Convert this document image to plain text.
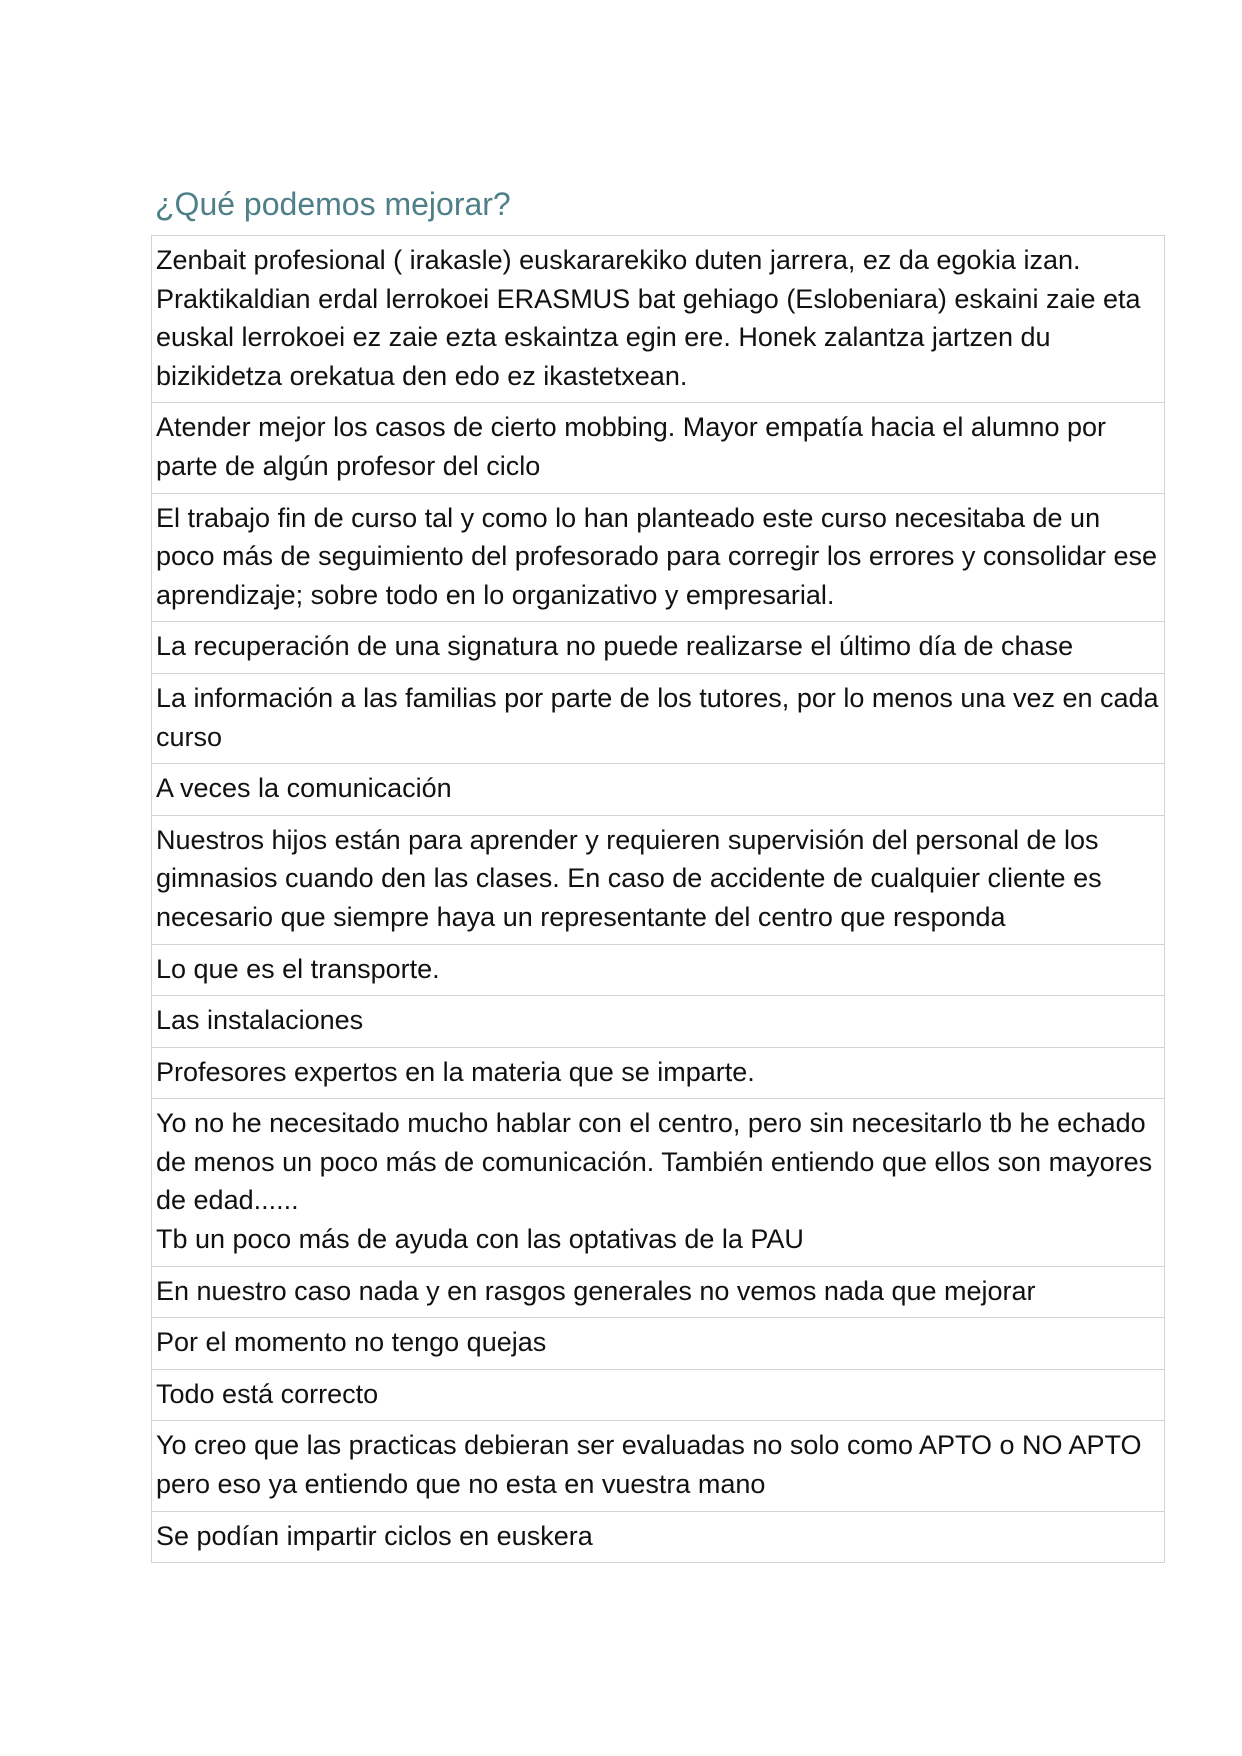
¿Qué podemos mejorar?
Zenbait profesional ( irakasle) euskararekiko duten jarrera, ez da egokia izan.
Praktikaldian erdal lerrokoei ERASMUS bat gehiago (Eslobeniara) eskaini zaie eta euskal lerrokoei ez zaie ezta eskaintza egin ere. Honek zalantza jartzen du bizikidetza orekatua den edo ez ikastetxean.
Atender mejor los casos de cierto mobbing. Mayor empatía hacia el alumno por parte de algún profesor del ciclo
El trabajo fin de curso tal y como lo han planteado este curso necesitaba de un poco más de seguimiento del profesorado para corregir los errores y consolidar ese aprendizaje; sobre todo en lo organizativo y empresarial.
La recuperación de una signatura no puede realizarse el último día de chase
La información a las familias por parte de los tutores, por lo menos una vez en cada curso
A veces la comunicación
Nuestros hijos están para aprender y requieren supervisión del personal de los gimnasios cuando den las clases. En caso de accidente de cualquier cliente es necesario que siempre haya un representante del centro que responda
Lo que es el transporte.
Las instalaciones
Profesores expertos en la materia que se imparte.
Yo no he necesitado mucho hablar con el centro, pero sin necesitarlo tb he echado de menos un poco más de comunicación. También entiendo que ellos son mayores de edad......
Tb un poco más de ayuda con las optativas de la PAU
En nuestro caso nada y en rasgos generales no vemos nada que mejorar
Por el momento no tengo quejas
Todo está correcto
Yo creo que las practicas debieran ser evaluadas no solo como APTO o NO APTO pero eso ya entiendo que no esta en vuestra mano
Se podían impartir ciclos en euskera
